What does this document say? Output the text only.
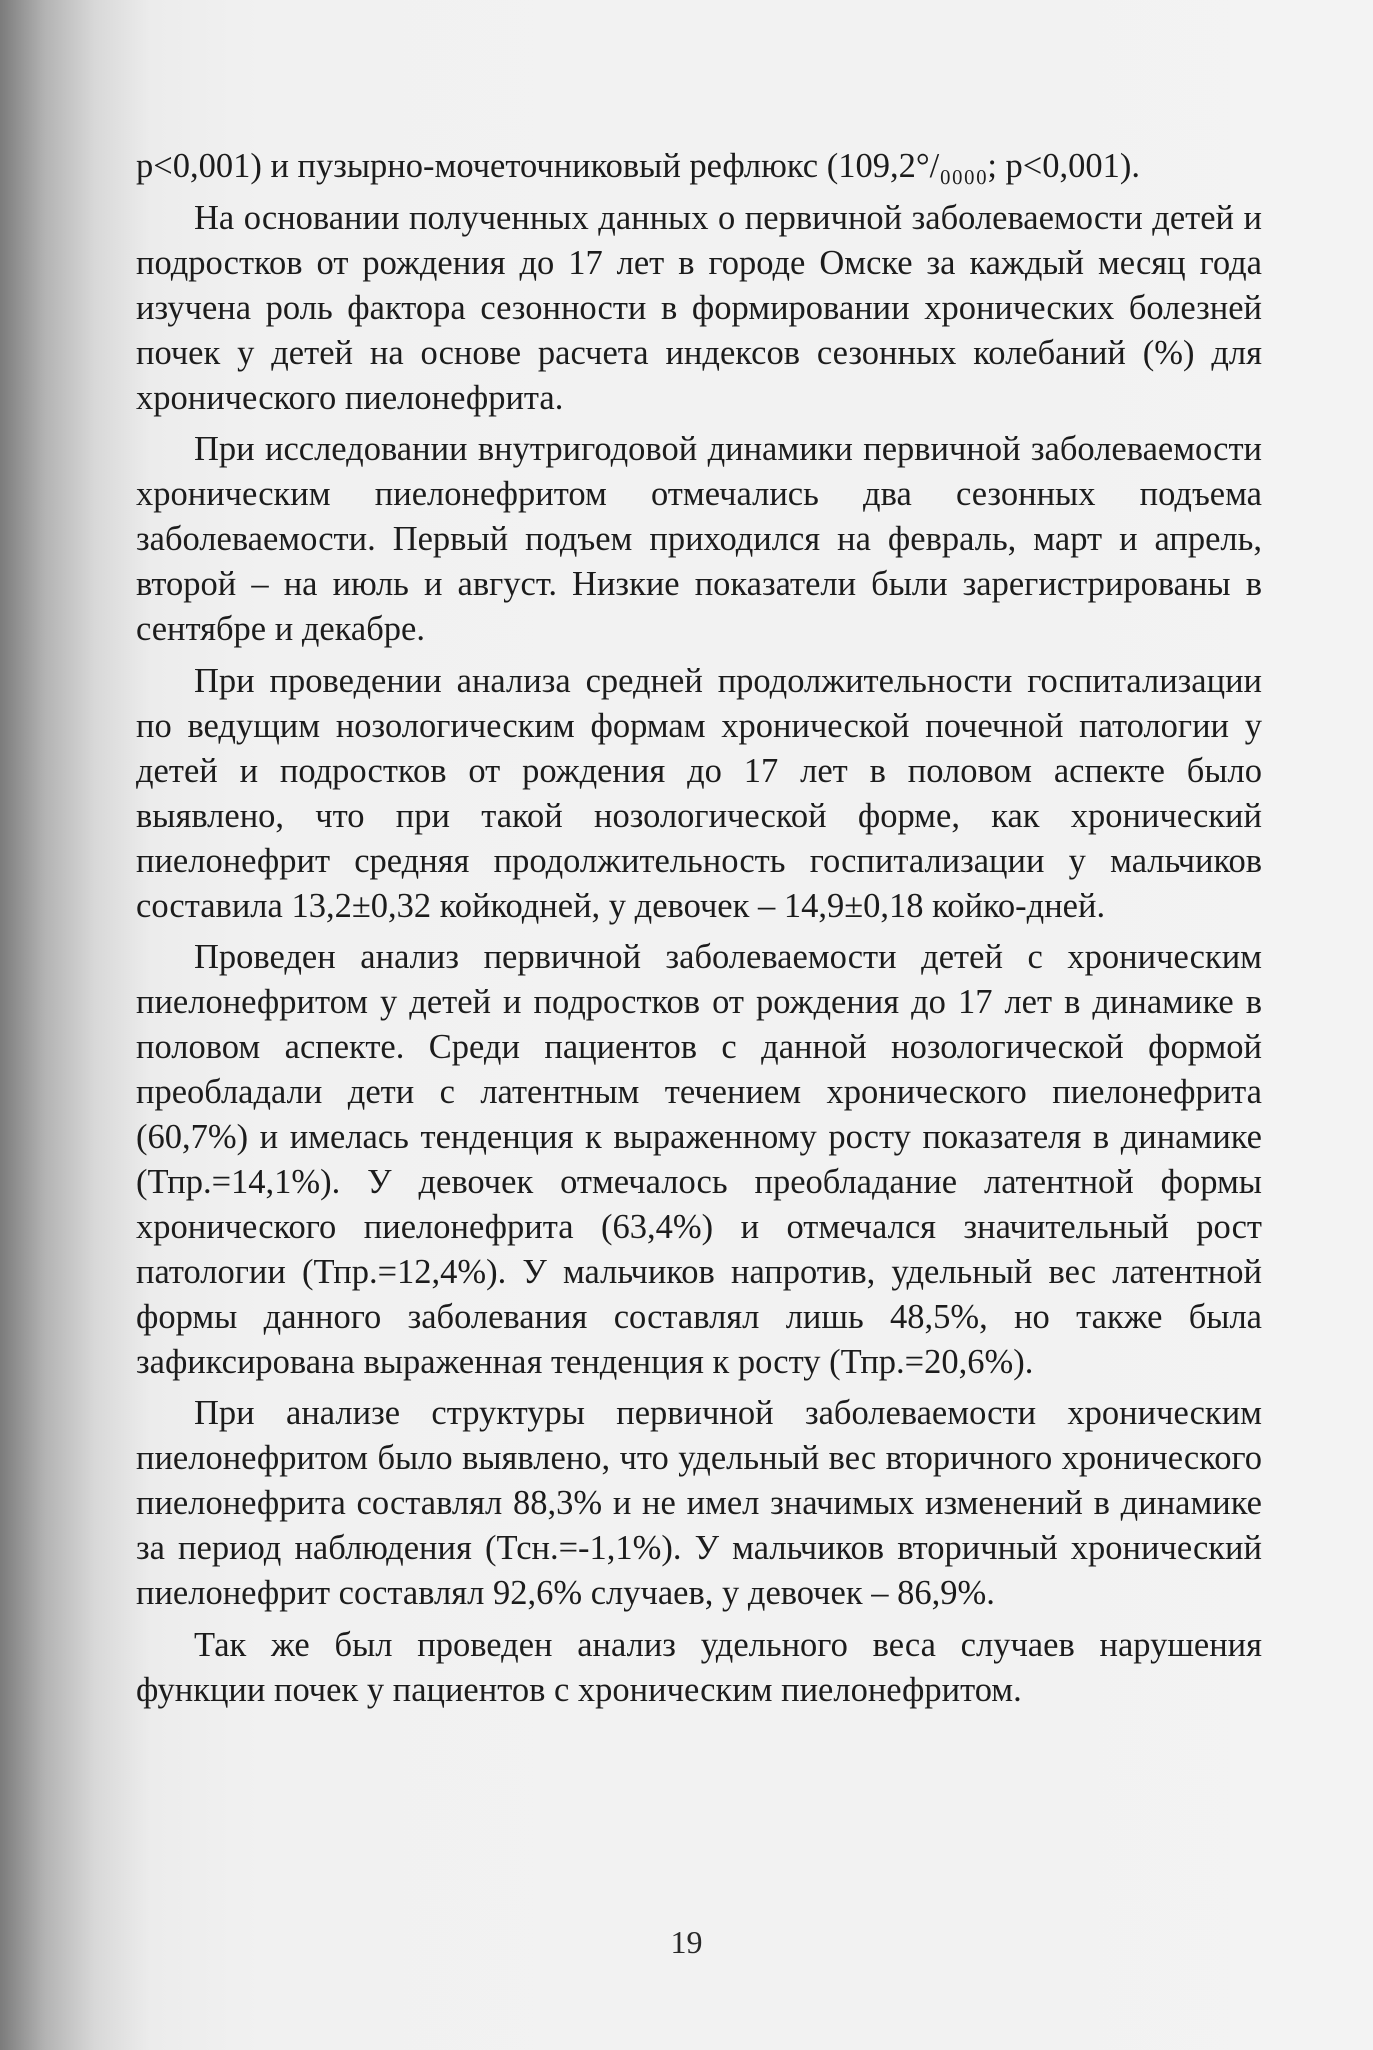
p<0,001) и пузырно-мочеточниковый рефлюкс (109,2°/₀₀₀₀; p<0,001).

На основании полученных данных о первичной заболеваемости детей и подростков от рождения до 17 лет в городе Омске за каждый месяц года изучена роль фактора сезонности в формировании хронических болезней почек у детей на основе расчета индексов сезонных колебаний (%) для хронического пиелонефрита.

При исследовании внутригодовой динамики первичной заболеваемости хроническим пиелонефритом отмечались два сезонных подъема заболеваемости. Первый подъем приходился на февраль, март и апрель, второй – на июль и август. Низкие показатели были зарегистрированы в сентябре и декабре.

При проведении анализа средней продолжительности госпитализации по ведущим нозологическим формам хронической почечной патологии у детей и подростков от рождения до 17 лет в половом аспекте было выявлено, что при такой нозологической форме, как хронический пиелонефрит средняя продолжительность госпитализации у мальчиков составила 13,2±0,32 койкодней, у девочек – 14,9±0,18 койко-дней.

Проведен анализ первичной заболеваемости детей с хроническим пиелонефритом у детей и подростков от рождения до 17 лет в динамике в половом аспекте. Среди пациентов с данной нозологической формой преобладали дети с латентным течением хронического пиелонефрита (60,7%) и имелась тенденция к выраженному росту показателя в динамике (Тпр.=14,1%). У девочек отмечалось преобладание латентной формы хронического пиелонефрита (63,4%) и отмечался значительный рост патологии (Тпр.=12,4%). У мальчиков напротив, удельный вес латентной формы данного заболевания составлял лишь 48,5%, но также была зафиксирована выраженная тенденция к росту (Тпр.=20,6%).

При анализе структуры первичной заболеваемости хроническим пиелонефритом было выявлено, что удельный вес вторичного хронического пиелонефрита составлял 88,3% и не имел значимых изменений в динамике за период наблюдения (Тсн.=-1,1%). У мальчиков вторичный хронический пиелонефрит составлял 92,6% случаев, у девочек – 86,9%.

Так же был проведен анализ удельного веса случаев нарушения функции почек у пациентов с хроническим пиелонефритом.

19
